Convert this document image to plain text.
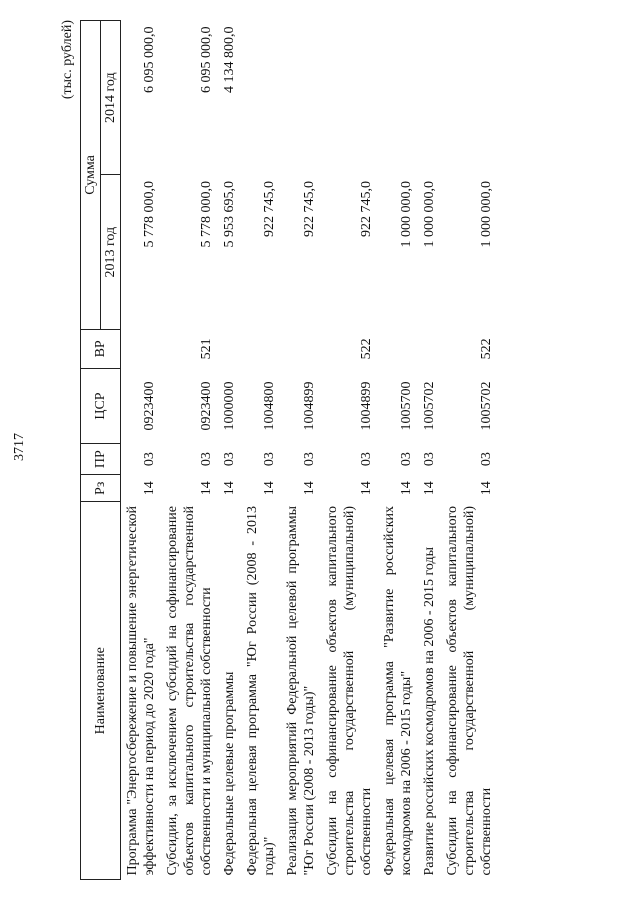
3717
(тыс. рублей)
Наименование	Рз	ПР	ЦСР	ВР	Сумма	
					2013 год	2014 год
Программа "Энергосбережение и повышение энергетической эффективности на период до 2020 года"	14	03	0923400		5 778 000,0	6 095 000,0
Субсидии, за исключением субсидий на софинансирование объектов капитального строительства государственной собственности и муниципальной собственности	14	03	0923400	521	5 778 000,0	6 095 000,0
Федеральные целевые программы	14	03	1000000		5 953 695,0	4 134 800,0
Федеральная целевая программа "Юг России (2008 - 2013 годы)"	14	03	1004800		922 745,0	
Реализация мероприятий Федеральной целевой программы "Юг России (2008 - 2013 годы)"	14	03	1004899		922 745,0	
Субсидии на софинансирование объектов капитального строительства государственной (муниципальной) собственности	14	03	1004899	522	922 745,0	
Федеральная целевая программа "Развитие российских космодромов на 2006 - 2015 годы"	14	03	1005700		1 000 000,0	
Развитие российских космодромов на 2006 - 2015 годы	14	03	1005702		1 000 000,0	
Субсидии на софинансирование объектов капитального строительства государственной (муниципальной) собственности	14	03	1005702	522	1 000 000,0	
